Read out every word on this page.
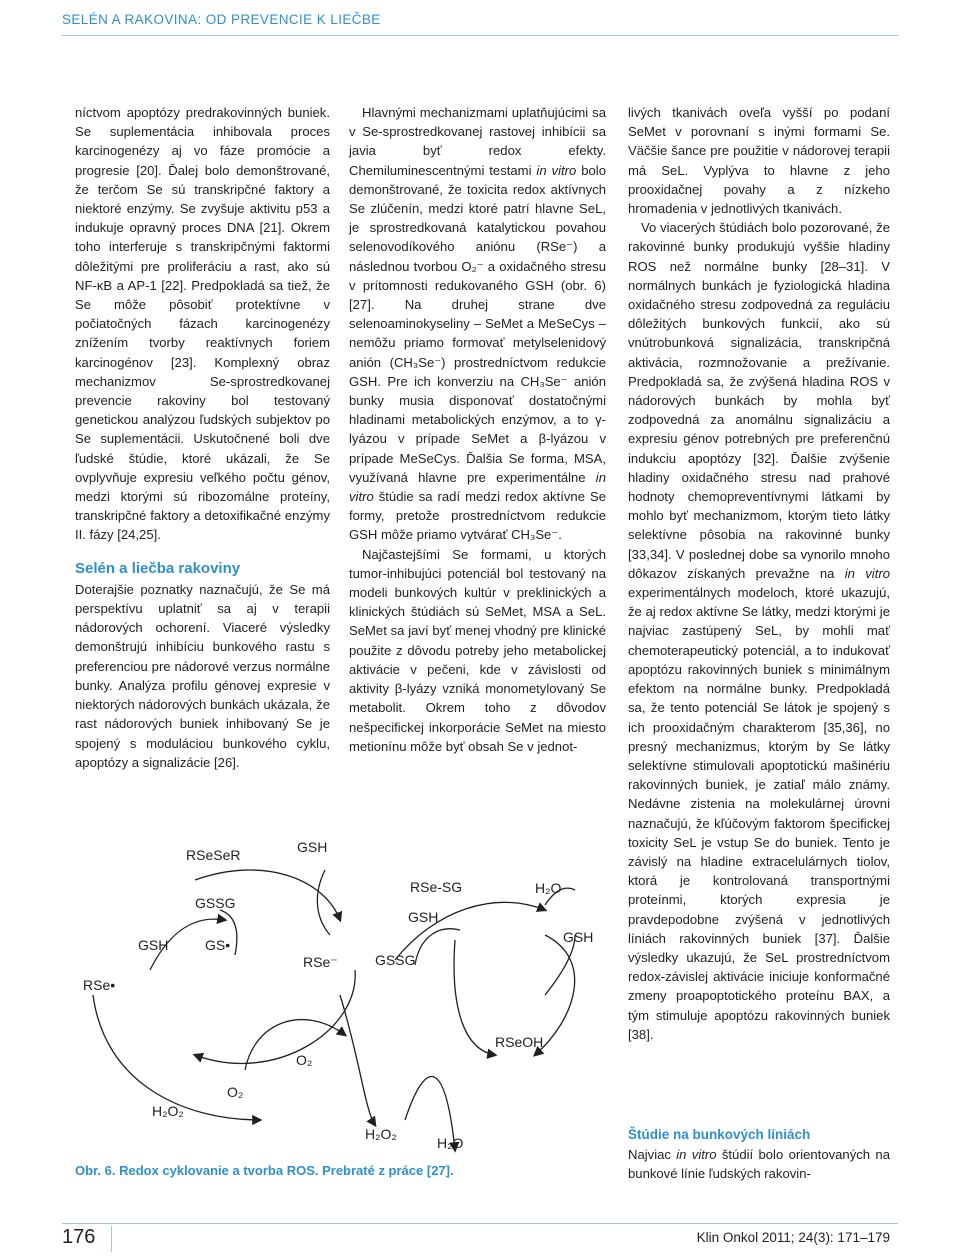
SELÉN A RAKOVINA: OD PREVENCIE K LIEČBE

níctvom apoptózy predrakovinných buniek. Se suplementácia inhibovala proces karcinogenézy aj vo fáze promócie a progresie [20]. Ďalej bolo demonštrované, že terčom Se sú transkripčné faktory a niektoré enzýmy. Se zvyšuje aktivitu p53 a indukuje opravný proces DNA [21]. Okrem toho interferuje s transkripčnými faktormi dôležitými pre proliferáciu a rast, ako sú NF-κB a AP-1 [22]. Predpokladá sa tiež, že Se môže pôsobiť protektívne v počiatočných fázach karcinogenézy znížením tvorby reaktívnych foriem karcinogénov [23]. Komplexný obraz mechanizmov Se-sprostredkovanej prevencie rakoviny bol testovaný genetickou analýzou ľudských subjektov po Se suplementácii. Uskutočnené boli dve ľudské štúdie, ktoré ukázali, že Se ovplyvňuje expresiu veľkého počtu génov, medzi ktorými sú ribozomálne proteíny, transkripčné faktory a detoxifikačné enzýmy II. fázy [24,25].

Selén a liečba rakoviny

Doterajšie poznatky naznačujú, že Se má perspektívu uplatniť sa aj v terapii nádorových ochorení. Viaceré výsledky demonštrujú inhibíciu bunkového rastu s preferenciou pre nádorové verzus normálne bunky. Analýza profilu génovej expresie v niektorých nádorových bunkách ukázala, že rast nádorových buniek inhibovaný Se je spojený s moduláciou bunkového cyklu, apoptózy a signalizácie [26].

Hlavnými mechanizmami uplatňujúcimi sa v Se-sprostredkovanej rastovej inhibícii sa javia byť redox efekty. Chemiluminescentnými testami in vitro bolo demonštrované, že toxicita redox aktívnych Se zlúčenín, medzi ktoré patrí hlavne SeL, je sprostredkovaná katalytickou povahou selenovodíkového aniónu (RSe⁻) a následnou tvorbou O₂⁻ a oxidačného stresu v prítomnosti redukovaného GSH (obr. 6) [27]. Na druhej strane dve selenoaminokyseliny – SeMet a MeSeCys – nemôžu priamo formovať metylselenidový anión (CH₃Se⁻) prostredníctvom redukcie GSH. Pre ich konverziu na CH₃Se⁻ anión bunky musia disponovať dostatočnými hladinami metabolických enzýmov, a to γ-lyázou v prípade SeMet a β-lyázou v prípade MeSeCys. Ďalšia Se forma, MSA, využívaná hlavne pre experimentálne in vitro štúdie sa radí medzi redox aktívne Se formy, pretože prostredníctvom redukcie GSH môže priamo vytvárať CH₃Se⁻.

Najčastejšími Se formami, u ktorých tumor-inhibujúci potenciál bol testovaný na modeli bunkových kultúr v preklinických a klinických štúdiách sú SeMet, MSA a SeL. SeMet sa javí byť menej vhodný pre klinické použite z dôvodu potreby jeho metabolickej aktivácie v pečeni, kde v závislosti od aktivity β-lyázy vzniká monometylovaný Se metabolit. Okrem toho z dôvodov nešpecifickej inkorporácie SeMet na miesto metionínu môže byť obsah Se v jednot-

livých tkanivách oveľa vyšší po podaní SeMet v porovnaní s inými formami Se. Väčšie šance pre použitie v nádorovej terapii má SeL. Vyplýva to hlavne z jeho prooxidačnej povahy a z nízkeho hromadenia v jednotlivých tkanivách.

Vo viacerých štúdiách bolo pozorované, že rakovinné bunky produkujú vyššie hladiny ROS než normálne bunky [28–31]. V normálnych bunkách je fyziologická hladina oxidačného stresu zodpovedná za reguláciu dôležitých bunkových funkcií, ako sú vnútrobunková signalizácia, transkripčná aktivácia, rozmnožovanie a prežívanie. Predpokladá sa, že zvýšená hladina ROS v nádorových bunkách by mohla byť zodpovedná za anomálnu signalizáciu a expresiu génov potrebných pre preferenčnú indukciu apoptózy [32]. Ďalšie zvýšenie hladiny oxidačného stresu nad prahové hodnoty chemopreventívnymi látkami by mohlo byť mechanizmom, ktorým tieto látky selektívne pôsobia na rakovinné bunky [33,34]. V poslednej dobe sa vynorilo mnoho dôkazov získaných prevažne na in vitro experimentálnych modeloch, ktoré ukazujú, že aj redox aktívne Se látky, medzi ktorými je najviac zastúpený SeL, by mohli mať chemoterapeutický potenciál, a to indukovať apoptózu rakovinných buniek s minimálnym efektom na normálne bunky. Predpokladá sa, že tento potenciál Se látok je spojený s ich prooxidačným charakterom [35,36], no presný mechanizmus, ktorým by Se látky selektívne stimulovali apoptotickú mašinériu rakovinných buniek, je zatiaľ málo známy. Nedávne zistenia na molekulárnej úrovni naznačujú, že kľúčovým faktorom špecifickej toxicity SeL je vstup Se do buniek. Tento je závislý na hladine extracelulárnych tiolov, ktorá je kontrolovaná transportnými proteínmi, ktorých expresia je pravdepodobne zvýšená v jednotlivých líniách rakovinných buniek [37]. Ďalšie výsledky ukazujú, že SeL prostredníctvom redox-závislej aktivácie iniciuje konformačné zmeny proapoptotického proteínu BAX, a tým stimuluje apoptózu rakovinných buniek [38].

Štúdie na bunkových líniách

Najviac in vitro štúdií bolo orientovaných na bunkové línie ľudských rakovin-

RSe•
GSH
RSeSeR
GSSG
GS•
GSH
RSe⁻	GSSG
RSe-SG
GSH
H₂O
GSH
RSeOH
O₂
O₂
H₂O₂
H₂O₂
H₂O
Obr. 6. Redox cyklovanie a tvorba ROS. Prebraté z práce [27].
176	Klin Onkol 2011; 24(3): 171–179
